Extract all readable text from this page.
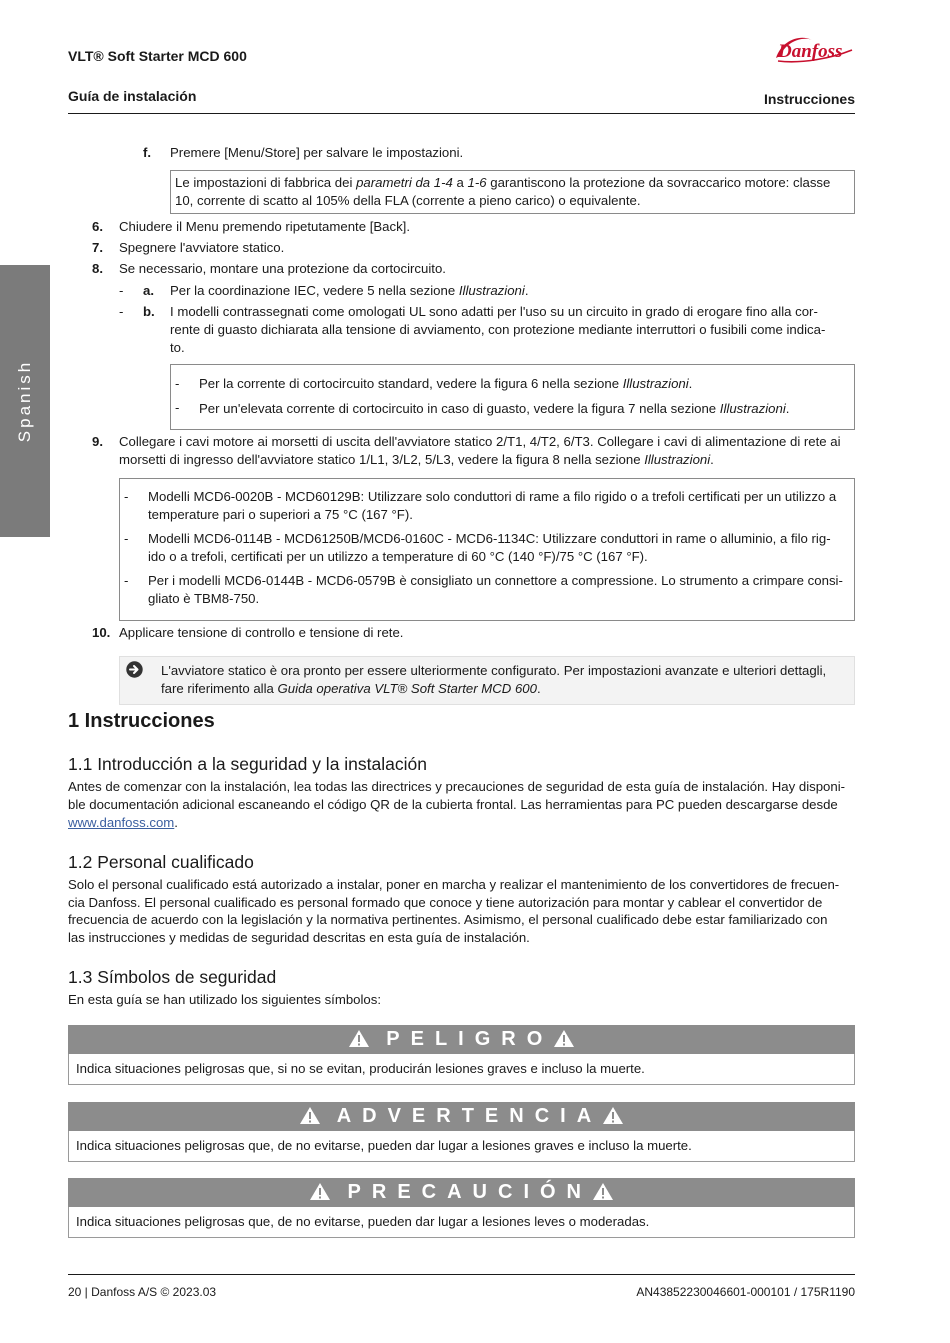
VLT® Soft Starter MCD 600
Guía de instalación	Instrucciones
Danfoss
Spanish
f. Premere [Menu/Store] per salvare le impostazioni.
Le impostazioni di fabbrica dei parametri da 1-4 a 1-6 garantiscono la protezione da sovraccarico motore: classe
10, corrente di scatto al 105% della FLA (corrente a pieno carico) o equivalente.
6. Chiudere il Menu premendo ripetutamente [Back].
7. Spegnere l'avviatore statico.
8. Se necessario, montare una protezione da cortocircuito.
- a. Per la coordinazione IEC, vedere 5 nella sezione Illustrazioni.
- b. I modelli contrassegnati come omologati UL sono adatti per l'uso su un circuito in grado di erogare fino alla cor-
rente di guasto dichiarata alla tensione di avviamento, con protezione mediante interruttori o fusibili come indica-
to.
- Per la corrente di cortocircuito standard, vedere la figura 6 nella sezione Illustrazioni.
- Per un'elevata corrente di cortocircuito in caso di guasto, vedere la figura 7 nella sezione Illustrazioni.
9. Collegare i cavi motore ai morsetti di uscita dell'avviatore statico 2/T1, 4/T2, 6/T3. Collegare i cavi di alimentazione di rete ai
morsetti di ingresso dell'avviatore statico 1/L1, 3/L2, 5/L3, vedere la figura 8 nella sezione Illustrazioni.
- Modelli MCD6-0020B - MCD60129B: Utilizzare solo conduttori di rame a filo rigido o a trefoli certificati per un utilizzo a
temperature pari o superiori a 75 °C (167 °F).
- Modelli MCD6-0114B - MCD61250B/MCD6-0160C - MCD6-1134C: Utilizzare conduttori in rame o alluminio, a filo rig-
ido o a trefoli, certificati per un utilizzo a temperature di 60 °C (140 °F)/75 °C (167 °F).
- Per i modelli MCD6-0144B - MCD6-0579B è consigliato un connettore a compressione. Lo strumento a crimpare consi-
gliato è TBM8-750.
10. Applicare tensione di controllo e tensione di rete.
L'avviatore statico è ora pronto per essere ulteriormente configurato. Per impostazioni avanzate e ulteriori dettagli,
fare riferimento alla Guida operativa VLT® Soft Starter MCD 600.
1 Instrucciones
1.1 Introducción a la seguridad y la instalación
Antes de comenzar con la instalación, lea todas las directrices y precauciones de seguridad de esta guía de instalación. Hay disponi-
ble documentación adicional escaneando el código QR de la cubierta frontal. Las herramientas para PC pueden descargarse desde
www.danfoss.com.
1.2 Personal cualificado
Solo el personal cualificado está autorizado a instalar, poner en marcha y realizar el mantenimiento de los convertidores de frecuen-
cia Danfoss. El personal cualificado es personal formado que conoce y tiene autorización para montar y cablear el convertidor de
frecuencia de acuerdo con la legislación y la normativa pertinentes. Asimismo, el personal cualificado debe estar familiarizado con
las instrucciones y medidas de seguridad descritas en esta guía de instalación.
1.3 Símbolos de seguridad
En esta guía se han utilizado los siguientes símbolos:
PELIGRO
Indica situaciones peligrosas que, si no se evitan, producirán lesiones graves e incluso la muerte.
ADVERTENCIA
Indica situaciones peligrosas que, de no evitarse, pueden dar lugar a lesiones graves e incluso la muerte.
PRECAUCIÓN
Indica situaciones peligrosas que, de no evitarse, pueden dar lugar a lesiones leves o moderadas.
20 | Danfoss A/S © 2023.03	AN43852230046601-000101 / 175R1190
